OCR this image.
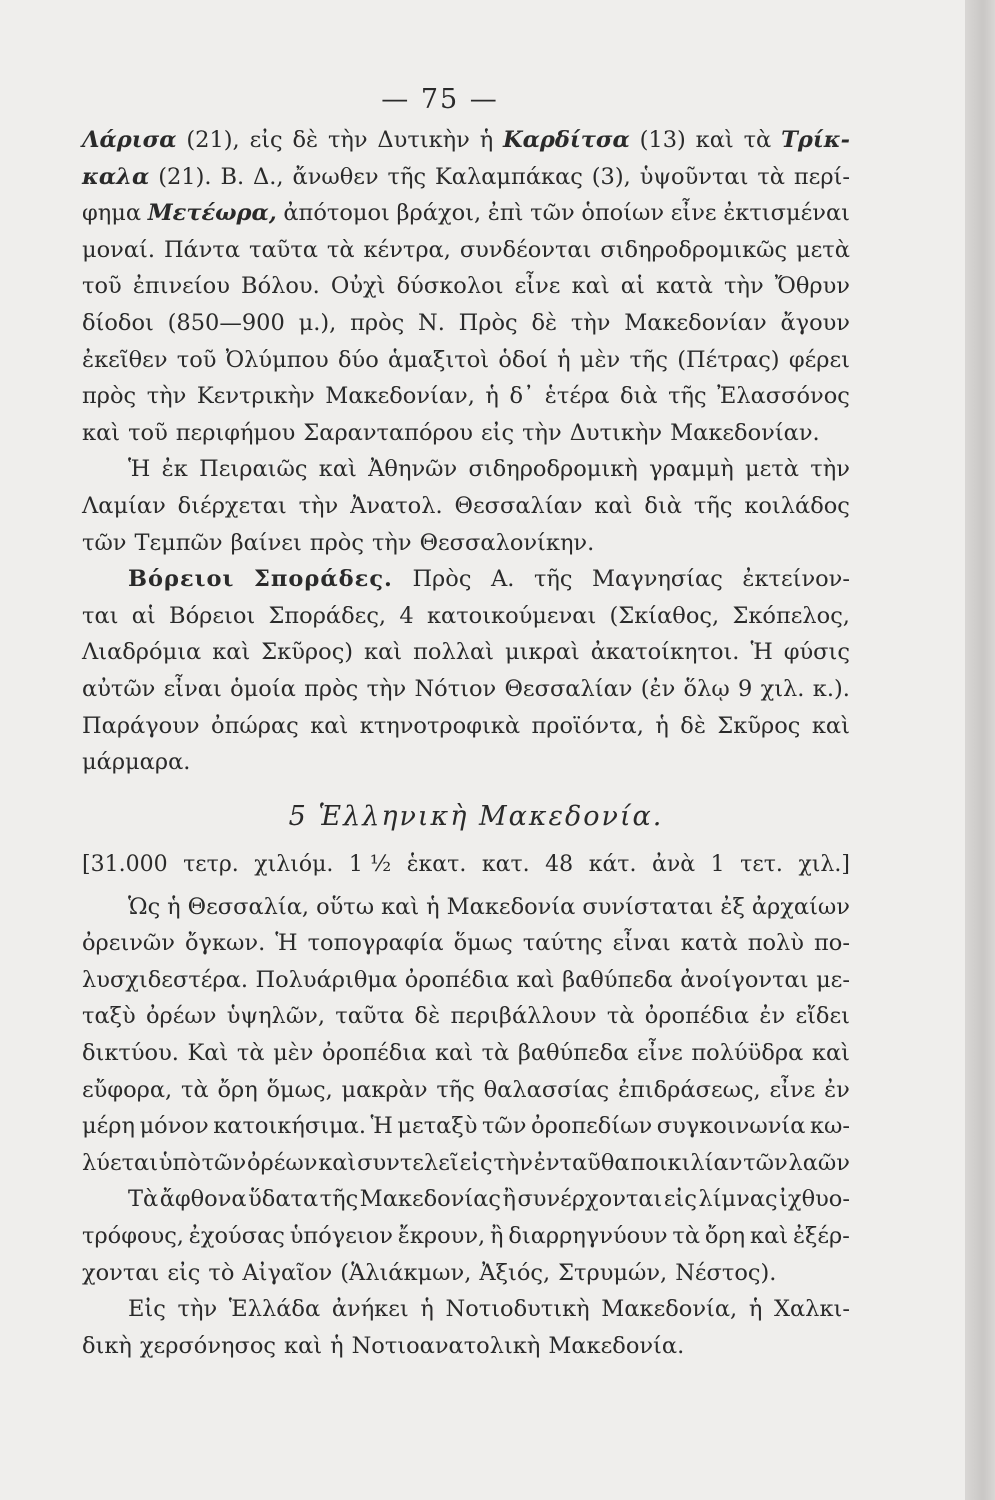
— 75 —
Λάρισα (21), εἰς δὲ τὴν Δυτικὴν ἡ Καρδίτσα (13) καὶ τὰ Τρίκ-
καλα (21). Β. Δ., ἄνωθεν τῆς Καλαμπάκας (3), ὑψοῦνται τὰ περί-
φημα Μετέωρα, ἀπότομοι βράχοι, ἐπὶ τῶν ὁποίων εἶνε ἐκτισμέναι
μοναί. Πάντα ταῦτα τὰ κέντρα, συνδέονται σιδηροδρομικῶς μετὰ
τοῦ ἐπινείου Βόλου. Οὐχὶ δύσκολοι εἶνε καὶ αἱ κατὰ τὴν Ὄθρυν
δίοδοι (850—900 μ.), πρὸς Ν. Πρὸς δὲ τὴν Μακεδονίαν ἄγουν
ἐκεῖθεν τοῦ Ὀλύμπου δύο ἁμαξιτοὶ ὁδοί ἡ μὲν τῆς (Πέτρας) φέρει
πρὸς τὴν Κεντρικὴν Μακεδονίαν, ἡ δ᾽ ἑτέρα διὰ τῆς Ἐλασσόνος
καὶ τοῦ περιφήμου Σαρανταπόρου εἰς τὴν Δυτικὴν Μακεδονίαν.
Ἡ ἐκ Πειραιῶς καὶ Ἀθηνῶν σιδηροδρομικὴ γραμμὴ μετὰ τὴν
Λαμίαν διέρχεται τὴν Ἀνατολ. Θεσσαλίαν καὶ διὰ τῆς κοιλάδος
τῶν Τεμπῶν βαίνει πρὸς τὴν Θεσσαλονίκην.
Βόρειοι Σποράδες. Πρὸς Α. τῆς Μαγνησίας ἐκτείνον-
ται αἱ Βόρειοι Σποράδες, 4 κατοικούμεναι (Σκίαθος, Σκόπελος,
Λιαδρόμια καὶ Σκῦρος) καὶ πολλαὶ μικραὶ ἀκατοίκητοι. Ἡ φύσις
αὐτῶν εἶναι ὁμοία πρὸς τὴν Νότιον Θεσσαλίαν (ἐν ὅλῳ 9 χιλ. κ.).
Παράγουν ὀπώρας καὶ κτηνοτροφικὰ προϊόντα, ἡ δὲ Σκῦρος καὶ
μάρμαρα.
5 Ἑλληνικὴ Μακεδονία.
[31.000 τετρ. χιλιόμ. 1 ½ ἑκατ. κατ. 48 κάτ. ἀνὰ 1 τετ. χιλ.]
Ὡς ἡ Θεσσαλία, οὕτω καὶ ἡ Μακεδονία συνίσταται ἐξ ἀρχαίων
ὀρεινῶν ὄγκων. Ἡ τοπογραφία ὅμως ταύτης εἶναι κατὰ πολὺ πο-
λυσχιδεστέρα. Πολυάριθμα ὀροπέδια καὶ βαθύπεδα ἀνοίγονται με-
ταξὺ ὀρέων ὑψηλῶν, ταῦτα δὲ περιβάλλουν τὰ ὀροπέδια ἐν εἴδει
δικτύου. Καὶ τὰ μὲν ὀροπέδια καὶ τὰ βαθύπεδα εἶνε πολύϋδρα καὶ
εὔφορα, τὰ ὄρη ὅμως, μακρὰν τῆς θαλασσίας ἐπιδράσεως, εἶνε ἐν
μέρη μόνον κατοικήσιμα. Ἡ μεταξὺ τῶν ὀροπεδίων συγκοινωνία κω-
λύεται ὑπὸ τῶν ὀρέων καὶ συντελεῖ εἰς τὴν ἐνταῦθα ποικιλίαν τῶν λαῶν
Τὰ ἄφθονα ὕδατα τῆς Μακεδονίας ἢ συνέρχονται εἰς λίμνας ἰχθυο-
τρόφους, ἐχούσας ὑπόγειον ἔκρουν, ἢ διαρρηγνύουν τὰ ὄρη καὶ ἐξέρ-
χονται εἰς τὸ Αἰγαῖον (Ἁλιάκμων, Ἀξιός, Στρυμών, Νέστος).
Εἰς τὴν Ἑλλάδα ἀνήκει ἡ Νοτιοδυτικὴ Μακεδονία, ἡ Χαλκι-
δικὴ χερσόνησος καὶ ἡ Νοτιοανατολικὴ Μακεδονία.
